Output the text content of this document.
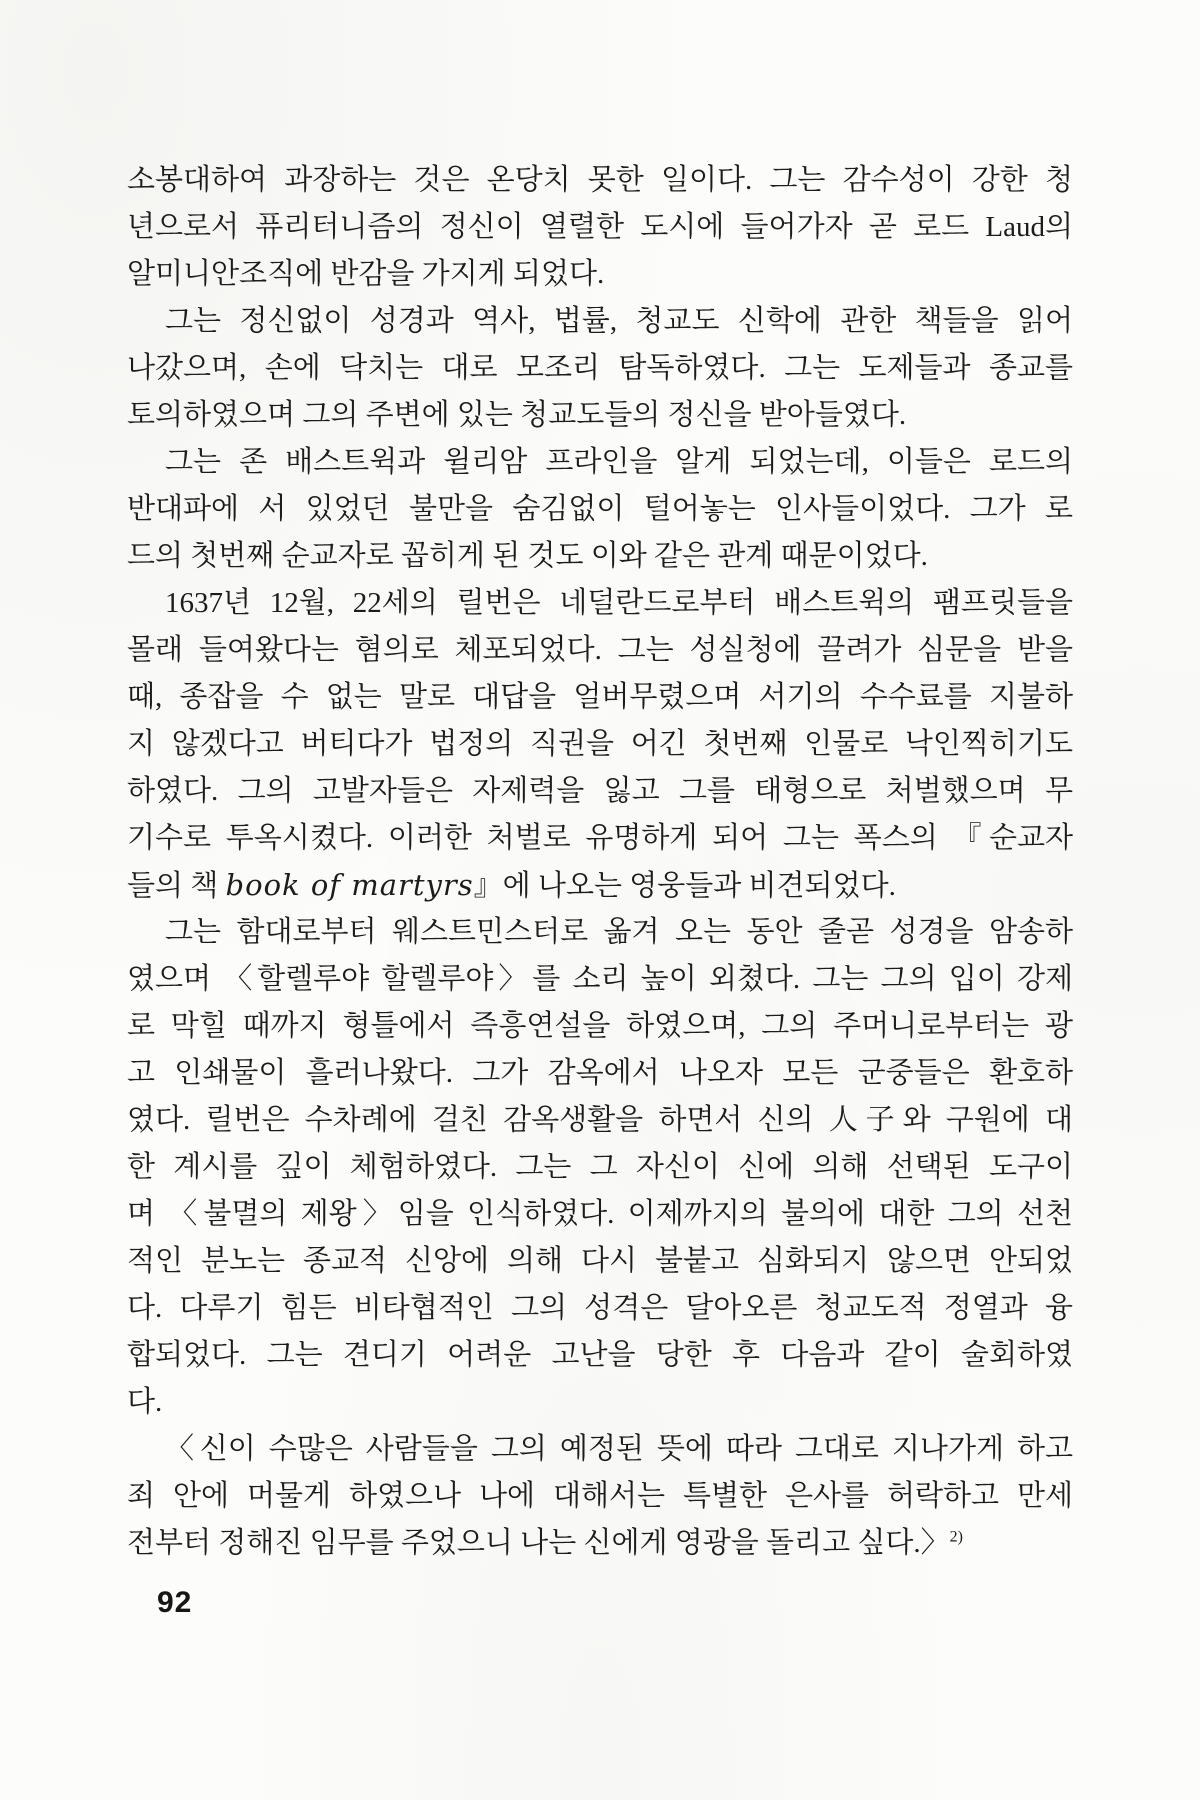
소봉대하여 과장하는 것은 온당치 못한 일이다. 그는 감수성이 강한 청
년으로서 퓨리터니즘의 정신이 열렬한 도시에 들어가자 곧 로드 Laud의
알미니안조직에 반감을 가지게 되었다.
그는 정신없이 성경과 역사, 법률, 청교도 신학에 관한 책들을 읽어
나갔으며, 손에 닥치는 대로 모조리 탐독하였다. 그는 도제들과 종교를
토의하였으며 그의 주변에 있는 청교도들의 정신을 받아들였다.
그는 존 배스트윅과 윌리암 프라인을 알게 되었는데, 이들은 로드의
반대파에 서 있었던 불만을 숨김없이 털어놓는 인사들이었다. 그가 로
드의 첫번째 순교자로 꼽히게 된 것도 이와 같은 관계 때문이었다.
1637년 12월, 22세의 릴번은 네덜란드로부터 배스트윅의 팸프릿들을
몰래 들여왔다는 혐의로 체포되었다. 그는 성실청에 끌려가 심문을 받을
때, 종잡을 수 없는 말로 대답을 얼버무렸으며 서기의 수수료를 지불하
지 않겠다고 버티다가 법정의 직권을 어긴 첫번째 인물로 낙인찍히기도
하였다. 그의 고발자들은 자제력을 잃고 그를 태형으로 처벌했으며 무
기수로 투옥시켰다. 이러한 처벌로 유명하게 되어 그는 폭스의 『순교자
들의 책 book of martyrs』에 나오는 영웅들과 비견되었다.
그는 함대로부터 웨스트민스터로 옮겨 오는 동안 줄곧 성경을 암송하
였으며 〈할렐루야 할렐루야〉를 소리 높이 외쳤다. 그는 그의 입이 강제
로 막힐 때까지 형틀에서 즉흥연설을 하였으며, 그의 주머니로부터는 광
고 인쇄물이 흘러나왔다. 그가 감옥에서 나오자 모든 군중들은 환호하
였다. 릴번은 수차례에 걸친 감옥생활을 하면서 신의 人子와 구원에 대
한 계시를 깊이 체험하였다. 그는 그 자신이 신에 의해 선택된 도구이
며 〈불멸의 제왕〉임을 인식하였다. 이제까지의 불의에 대한 그의 선천
적인 분노는 종교적 신앙에 의해 다시 불붙고 심화되지 않으면 안되었
다. 다루기 힘든 비타협적인 그의 성격은 달아오른 청교도적 정열과 융
합되었다. 그는 견디기 어려운 고난을 당한 후 다음과 같이 술회하였
다.
〈신이 수많은 사람들을 그의 예정된 뜻에 따라 그대로 지나가게 하고
죄 안에 머물게 하였으나 나에 대해서는 특별한 은사를 허락하고 만세
전부터 정해진 임무를 주었으니 나는 신에게 영광을 돌리고 싶다.〉$^{2)}$
92
